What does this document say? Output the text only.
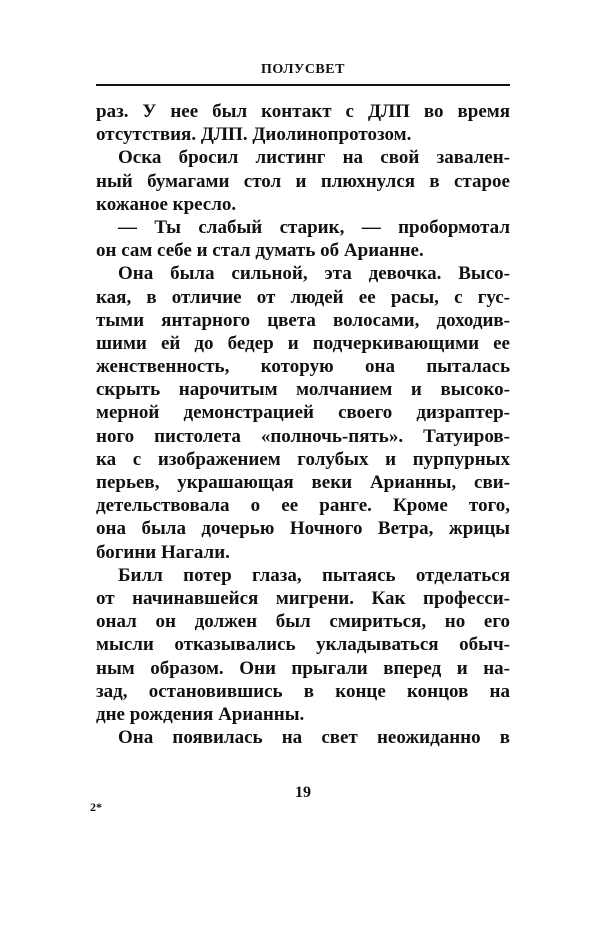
ПОЛУСВЕТ
раз. У нее был контакт с ДЛП во время
отсутствия. ДЛП. Диолинопротозом.
Оска бросил листинг на свой завален-
ный бумагами стол и плюхнулся в старое
кожаное кресло.
— Ты слабый старик, — пробормотал
он сам себе и стал думать об Арианне.
Она была сильной, эта девочка. Высо-
кая, в отличие от людей ее расы, с гус-
тыми янтарного цвета волосами, доходив-
шими ей до бедер и подчеркивающими ее
женственность, которую она пыталась
скрыть нарочитым молчанием и высоко-
мерной демонстрацией своего дизраптер-
ного пистолета «полночь-пять». Татуиров-
ка с изображением голубых и пурпурных
перьев, украшающая веки Арианны, сви-
детельствовала о ее ранге. Кроме того,
она была дочерью Ночного Ветра, жрицы
богини Нагали.
Билл потер глаза, пытаясь отделаться
от начинавшейся мигрени. Как професси-
онал он должен был смириться, но его
мысли отказывались укладываться обыч-
ным образом. Они прыгали вперед и на-
зад, остановившись в конце концов на
дне рождения Арианны.
Она появилась на свет неожиданно в
19
2*
